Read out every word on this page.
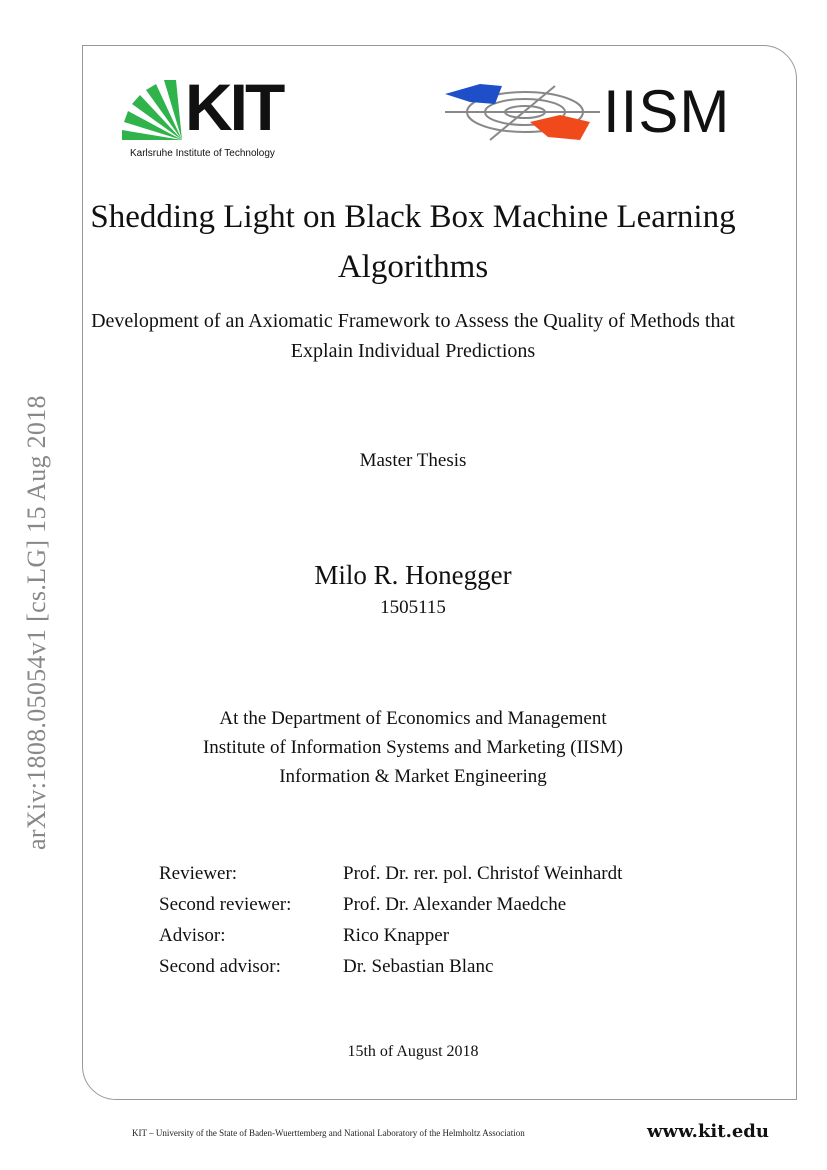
KIT
Karlsruhe Institute of Technology
IISM
arXiv:1808.05054v1 [cs.LG] 15 Aug 2018
Shedding Light on Black Box Machine Learning Algorithms
Development of an Axiomatic Framework to Assess the Quality of Methods that Explain Individual Predictions
Master Thesis
Milo R. Honegger
1505115
At the Department of Economics and Management
Institute of Information Systems and Marketing (IISM)
Information & Market Engineering
Reviewer:	Prof. Dr. rer. pol. Christof Weinhardt
Second reviewer:	Prof. Dr. Alexander Maedche
Advisor:	Rico Knapper
Second advisor:	Dr. Sebastian Blanc
15th of August 2018
KIT – University of the State of Baden-Wuerttemberg and National Laboratory of the Helmholtz Association	www.kit.edu
